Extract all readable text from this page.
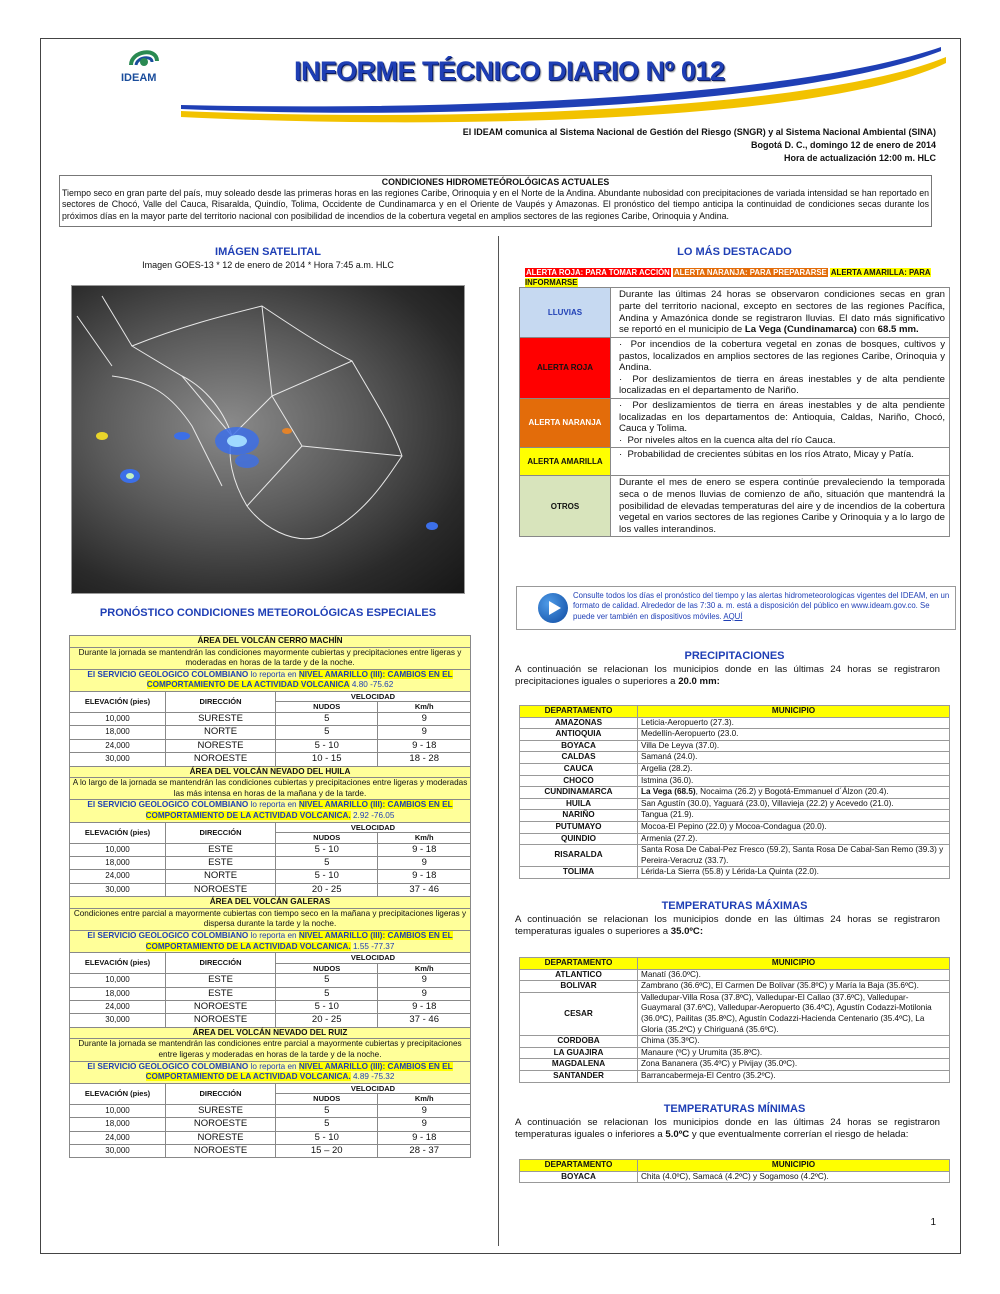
IDEAM	INFORME TÉCNICO DIARIO Nº 012
El IDEAM comunica al Sistema Nacional de Gestión del Riesgo (SNGR) y al Sistema Nacional Ambiental (SINA)
Bogotá D. C., domingo 12 de enero de 2014
Hora de actualización 12:00 m. HLC
CONDICIONES HIDROMETEÓROLÓGICAS ACTUALES
Tiempo seco en gran parte del país, muy soleado desde las primeras horas en las regiones Caribe, Orinoquia y en el Norte de la Andina. Abundante nubosidad con precipitaciones de variada intensidad se han reportado en sectores de Chocó, Valle del Cauca, Risaralda, Quindío, Tolima, Occidente de Cundinamarca y en el Oriente de Vaupés y Amazonas. El pronóstico del tiempo anticipa la continuidad de condiciones secas durante los próximos días en la mayor parte del territorio nacional con posibilidad de incendios de la cobertura vegetal en amplios sectores de las regiones Caribe, Orinoquia y Andina.
IMÁGEN SATELITAL
Imagen GOES-13 * 12 de enero de 2014 * Hora 7:45 a.m. HLC
PRONÓSTICO CONDICIONES METEOROLÓGICAS ESPECIALES
ÁREA DEL VOLCÁN CERRO MACHÍN			
Durante la jornada se mantendrán las condiciones mayormente cubiertas y precipitaciones entre ligeras y moderadas en horas de la tarde y de la noche.			
El SERVICIO GEOLOGICO COLOMBIANO lo reporta en NIVEL AMARILLO (III): CAMBIOS EN EL COMPORTAMIENTO DE LA ACTIVIDAD VOLCANICA 4.80 -75.62			
ELEVACIÓN (pies)	DIRECCIÓN	VELOCIDAD	
		NUDOS	Km/h
10,000	SURESTE	5	9
18,000	NORTE	5	9
24,000	NORESTE	5 - 10	9 - 18
30,000	NOROESTE	10 - 15	18 - 28
ÁREA DEL VOLCÁN NEVADO DEL HUILA			
A lo largo de la jornada se mantendrán las condiciones cubiertas y precipitaciones entre ligeras y moderadas las más intensa en horas de la mañana y de la tarde.			
El SERVICIO GEOLOGICO COLOMBIANO lo reporta en NIVEL AMARILLO (III): CAMBIOS EN EL COMPORTAMIENTO DE LA ACTIVIDAD VOLCANICA. 2.92 -76.05			
ELEVACIÓN (pies)	DIRECCIÓN	VELOCIDAD	
		NUDOS	Km/h
10,000	ESTE	5 - 10	9 - 18
18,000	ESTE	5	9
24,000	NORTE	5 - 10	9 - 18
30,000	NOROESTE	20 - 25	37 - 46
ÁREA DEL VOLCÁN GALERAS			
Condiciones entre parcial a mayormente cubiertas con tiempo seco en la mañana y precipitaciones ligeras y dispersa durante la tarde y la noche.			
El SERVICIO GEOLOGICO COLOMBIANO lo reporta en NIVEL AMARILLO (III): CAMBIOS EN EL COMPORTAMIENTO DE LA ACTIVIDAD VOLCANICA. 1.55 -77.37			
ELEVACIÓN (pies)	DIRECCIÓN	VELOCIDAD	
		NUDOS	Km/h
10,000	ESTE	5	9
18,000	ESTE	5	9
24,000	NOROESTE	5 - 10	9 - 18
30,000	NOROESTE	20 - 25	37 - 46
ÁREA DEL VOLCÁN NEVADO DEL RUIZ			
Durante la jornada se mantendrán las condiciones entre parcial a mayormente cubiertas y precipitaciones entre ligeras y moderadas en horas de la tarde y de la noche.			
El SERVICIO GEOLOGICO COLOMBIANO lo reporta en NIVEL AMARILLO (III): CAMBIOS EN EL COMPORTAMIENTO DE LA ACTIVIDAD VOLCANICA. 4.89 -75.32			
ELEVACIÓN (pies)	DIRECCIÓN	VELOCIDAD	
		NUDOS	Km/h
10,000	SURESTE	5	9
18,000	NOROESTE	5	9
24,000	NORESTE	5 - 10	9 - 18
30,000	NOROESTE	15 – 20	28 - 37
LO MÁS DESTACADO
ALERTA ROJA: PARA TOMAR ACCIÓN ALERTA NARANJA: PARA PREPARARSE ALERTA AMARILLA: PARA INFORMARSE
LLUVIAS	Durante las últimas 24 horas se observaron condiciones secas en gran parte del territorio nacional, excepto en sectores de las regiones Pacífica, Andina y Amazónica donde se registraron lluvias. El dato más significativo se reportó en el municipio de La Vega (Cundinamarca) con 68.5 mm.
ALERTA ROJA	·  Por incendios de la cobertura vegetal en zonas de bosques, cultivos y pastos, localizados en amplios sectores de las regiones Caribe, Orinoquia y Andina.
·  Por deslizamientos de tierra en áreas inestables y de alta pendiente localizadas en el departamento de Nariño.

ALERTA NARANJA	·  Por deslizamientos de tierra en áreas inestables y de alta pendiente localizadas en los departamentos de: Antioquia, Caldas, Nariño, Chocó, Cauca y Tolima.
·  Por niveles altos en la cuenca alta del río Cauca.

ALERTA AMARILLA	·  Probabilidad de crecientes súbitas en los ríos Atrato, Micay y Patía.
OTROS	Durante el mes de enero se espera continúe prevaleciendo la temporada seca o de menos lluvias de comienzo de año, situación que mantendrá la posibilidad de elevadas temperaturas del aire y de incendios de la cobertura vegetal en varios sectores de las regiones Caribe y Orinoquia y a lo largo de los valles interandinos.
Consulte todos los días el pronóstico del tiempo y las alertas hidrometeorologicas vigentes del IDEAM, en un formato de calidad. Alrededor de las 7:30 a. m. está a disposición del público en www.ideam.gov.co. Se puede ver también en dispositivos móviles. AQUÍ
PRECIPITACIONES
A continuación se relacionan los municipios donde en las últimas 24 horas se registraron precipitaciones iguales o superiores a 20.0 mm:
DEPARTAMENTO	MUNICIPIO
AMAZONAS	Leticia-Aeropuerto (27.3).
ANTIOQUIA	Medellín-Aeropuerto (23.0.
BOYACA	Villa De Leyva (37.0).
CALDAS	Samaná (24.0).
CAUCA	Argelia (28.2).
CHOCO	Istmina (36.0).
CUNDINAMARCA	La Vega (68.5), Nocaima (26.2) y Bogotá-Emmanuel d´Álzon (20.4).
HUILA	San Agustín (30.0), Yaguará (23.0), Villavieja (22.2) y Acevedo (21.0).
NARIÑO	Tangua (21.9).
PUTUMAYO	Mocoa-El Pepino (22.0) y Mocoa-Condagua (20.0).
QUINDIO	Armenia (27.2).
RISARALDA	Santa Rosa De Cabal-Pez Fresco (59.2), Santa Rosa De Cabal-San Remo (39.3) y Pereira-Veracruz (33.7).
TOLIMA	Lérida-La Sierra (55.8) y Lérida-La Quinta (22.0).
TEMPERATURAS MÁXIMAS
A continuación se relacionan los municipios donde en las últimas 24 horas se registraron temperaturas iguales o superiores a 35.0ºC:
DEPARTAMENTO	MUNICIPIO
ATLANTICO	Manatí (36.0ºC).
BOLIVAR	Zambrano (36.6ºC), El Carmen De Bolívar (35.8ºC) y María la Baja (35.6ºC).
CESAR	Valledupar-Villa Rosa (37.8ºC), Valledupar-El Callao (37.6ºC), Valledupar-Guaymaral (37.6ºC), Valledupar-Aeropuerto (36.4ºC), Agustín Codazzi-Motilonia (36.0ºC), Pailitas (35.8ºC), Agustín Codazzi-Hacienda Centenario (35.4ºC), La Gloria (35.2ºC) y Chiriguaná (35.6ºC).
CORDOBA	Chima (35.3ºC).
LA GUAJIRA	Manaure (ºC) y Urumita (35.8ºC).
MAGDALENA	Zona Bananera (35.4ºC) y Pivijay (35.0ºC).
SANTANDER	Barrancabermeja-El Centro (35.2ºC).
TEMPERATURAS MÍNIMAS
A continuación se relacionan los municipios donde en las últimas 24 horas se registraron temperaturas iguales o inferiores a 5.0ºC y que eventualmente correrían el riesgo de helada:
DEPARTAMENTO	MUNICIPIO
BOYACA	Chita (4.0ºC), Samacá (4.2ºC) y Sogamoso (4.2ºC).
1
